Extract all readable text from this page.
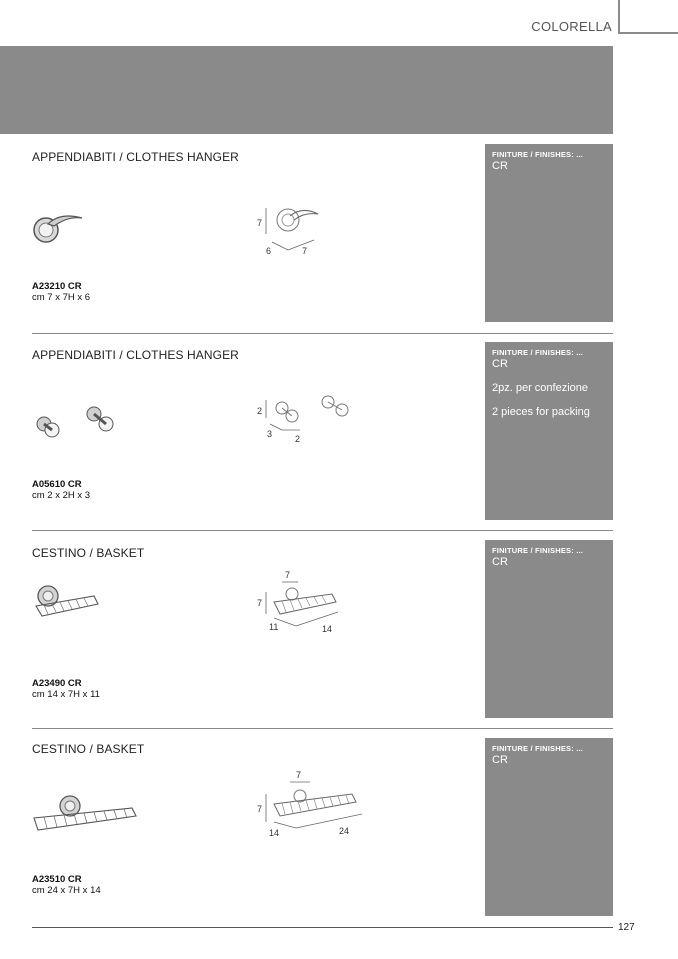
COLORELLA
APPENDIABITI / CLOTHES HANGER
7
6	7
A23210 CR
cm 7 x 7H x 6
FINITURE / FINISHES: ...
CR
APPENDIABITI / CLOTHES HANGER
2
3	2
A05610 CR
cm 2 x 2H x 3
FINITURE / FINISHES: ...
CR
2pz. per confezione
2 pieces for packing
CESTINO / BASKET
7
7
11	14
A23490 CR
cm 14 x 7H x 11
FINITURE / FINISHES: ...
CR
CESTINO / BASKET
7
7
14	24
A23510 CR
cm 24 x 7H x 14
FINITURE / FINISHES: ...
CR
127
